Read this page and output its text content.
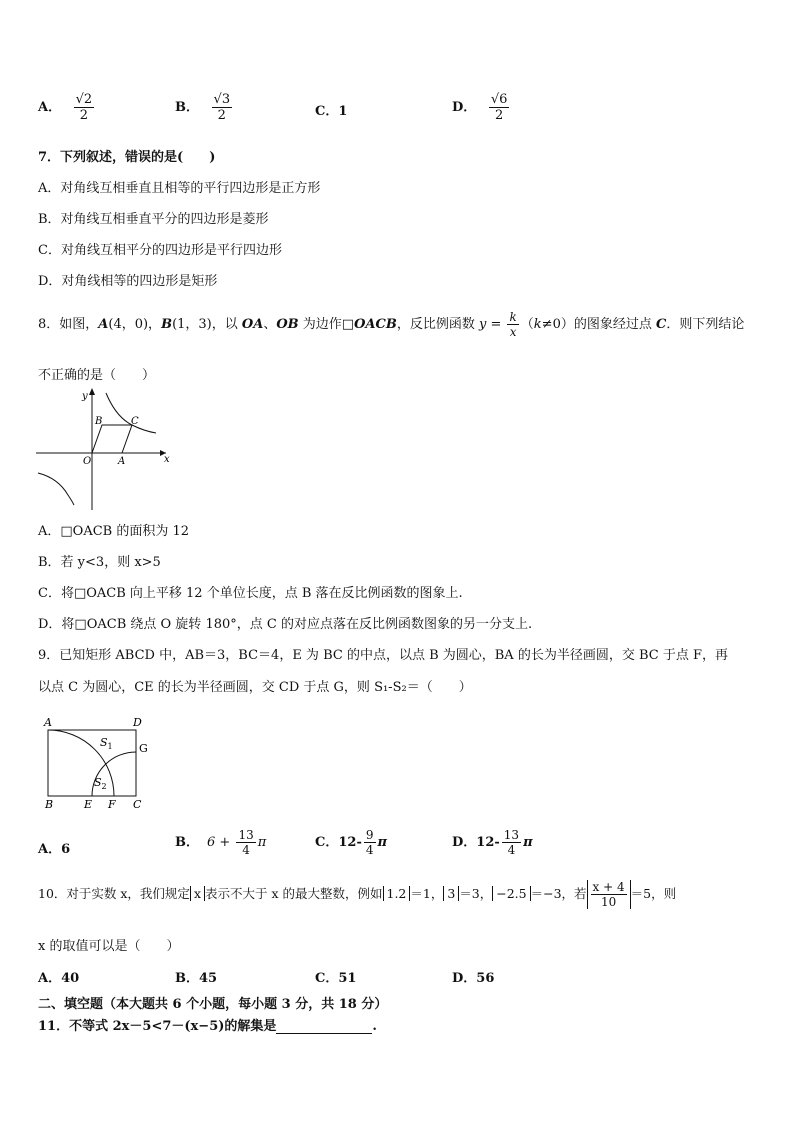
A． $\frac{√2}{2}$	B． $\frac{√3}{2}$	C．1	D． $\frac{√6}{2}$
7．下列叙述，错误的是(　　)
A．对角线互相垂直且相等的平行四边形是正方形
B．对角线互相垂直平分的四边形是菱形
C．对角线互相平分的四边形是平行四边形
D．对角线相等的四边形是矩形
8．如图，A(4，0)，B(1，3)，以 OA、OB 为边作□OACB，反比例函数 $y = \frac{k}{x} (k\ne 0)$的图象经过点 C．则下列结论
不正确的是（　　）
y
x
O	A
B	C
A．□OACB 的面积为 12
B．若 y<3，则 x>5
C．将□OACB 向上平移 12 个单位长度，点 B 落在反比例函数的图象上.
D．将□OACB 绕点 O 旋转 180°，点 C 的对应点落在反比例函数图象的另一分支上.
9．已知矩形 ABCD 中，AB＝3，BC＝4，E 为 BC 的中点，以点 B 为圆心，BA 的长为半径画圆，交 BC 于点 F，再
以点 C 为圆心，CE 的长为半径画圆，交 CD 于点 G，则 S₁-S₂＝（　　）
A	D
G
B	E F C
$S_1$
$S_2$
A．6	B． $6 + \frac{13}{4}$ π	C．$12- \frac{9}{4}$ π	D．$12- \frac{13}{4}$ π
10．对于实数 x，我们规定 x 表示不大于 x 的最大整数，例如 1.2 ＝1， 3 ＝3， −2.5 ＝−3，若 $\frac{x + 4}{10} =5$，则
x 的取值可以是（　　）
A．40	B．45	C．51	D．56
二、填空题（本大题共 6 个小题，每小题 3 分，共 18 分）
11．不等式 2x－5<7－(x−5)的解集是	.
